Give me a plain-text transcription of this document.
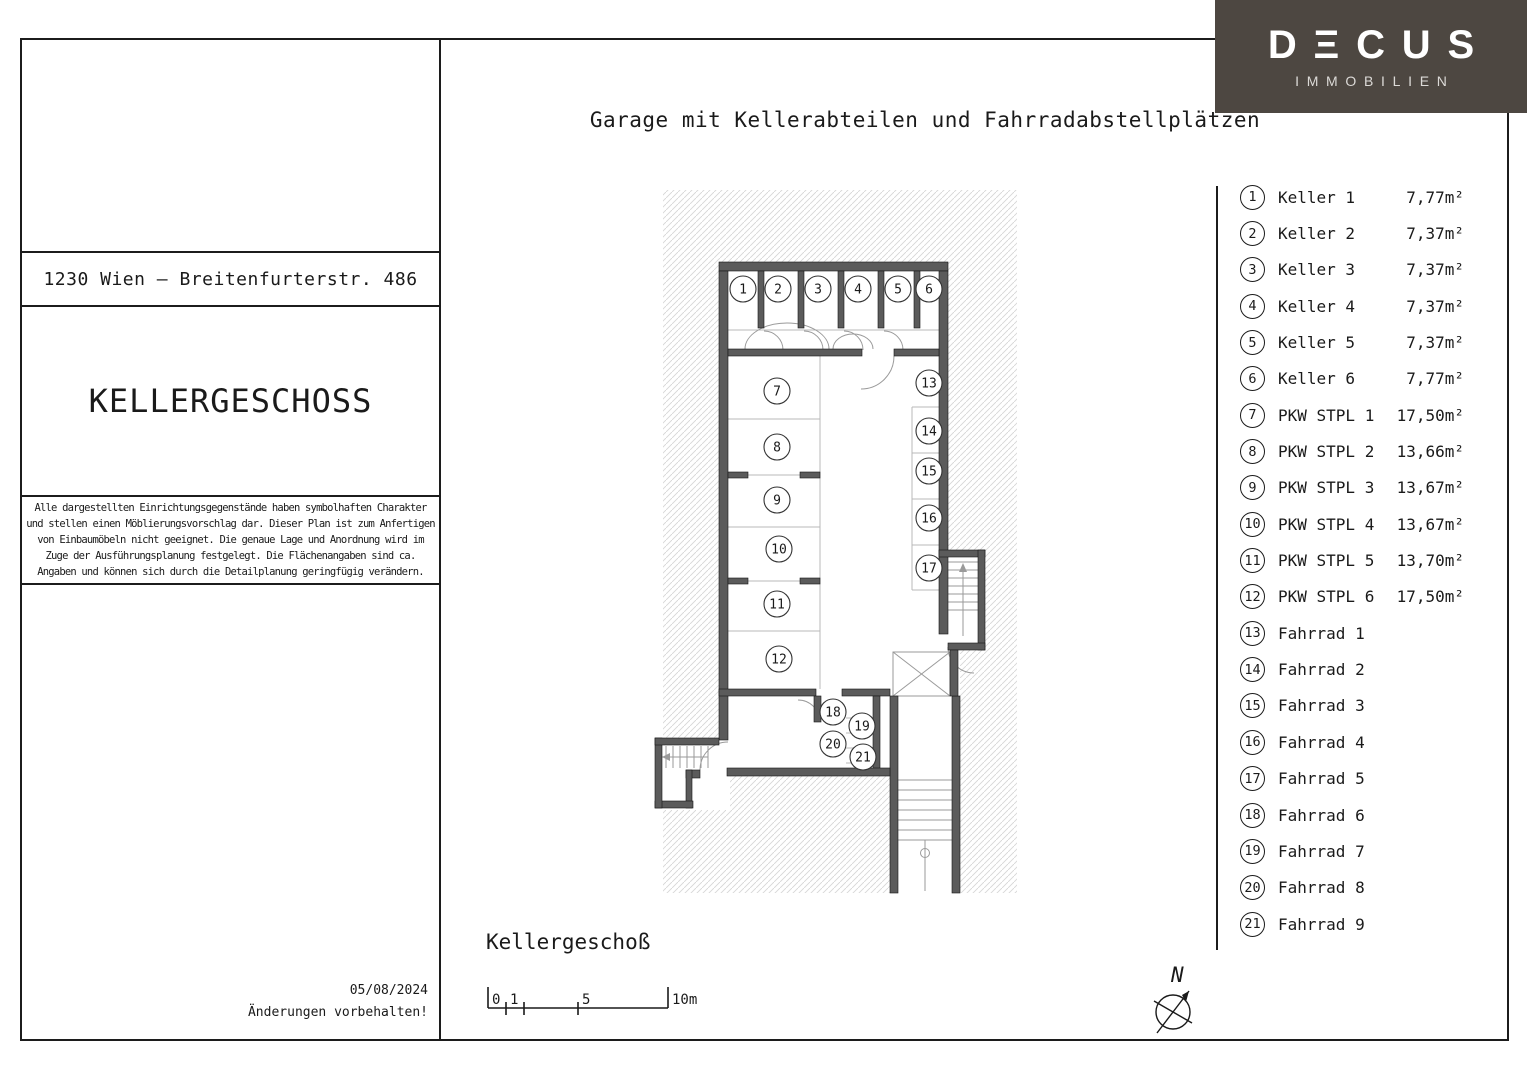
DΞCUS
IMMOBILIEN
1230 Wien – Breitenfurterstr. 486
KELLERGESCHOSS
Alle dargestellten Einrichtungsgegenstände haben symbolhaften Charakter
und stellen einen Möblierungsvorschlag dar. Dieser Plan ist zum Anfertigen
von Einbaumöbeln nicht geeignet. Die genaue Lage und Anordnung wird im
Zuge der Ausführungsplanung festgelegt. Die Flächenangaben sind ca.
Angaben und können sich durch die Detailplanung geringfügig verändern.
05/08/2024
Änderungen vorbehalten!
Garage mit Kellerabteilen und Fahrradabstellplätzen
Kellergeschoß
1 2 3 4 5 6
7
8
9
10
11
12
13
14
15
16
17
18
19
20
21
0 1	5	10m
N
1	Keller 1	7,77m²
2	Keller 2	7,37m²
3	Keller 3	7,37m²
4	Keller 4	7,37m²
5	Keller 5	7,37m²
6	Keller 6	7,77m²
7	PKW STPL 1 17,50m²
8	PKW STPL 2 13,66m²
9	PKW STPL 3 13,67m²
10 PKW STPL 4 13,67m²
11 PKW STPL 5 13,70m²
12 PKW STPL 6 17,50m²
13 Fahrrad 1
14 Fahrrad 2
15 Fahrrad 3
16 Fahrrad 4
17 Fahrrad 5
18 Fahrrad 6
19 Fahrrad 7
20 Fahrrad 8
21 Fahrrad 9
